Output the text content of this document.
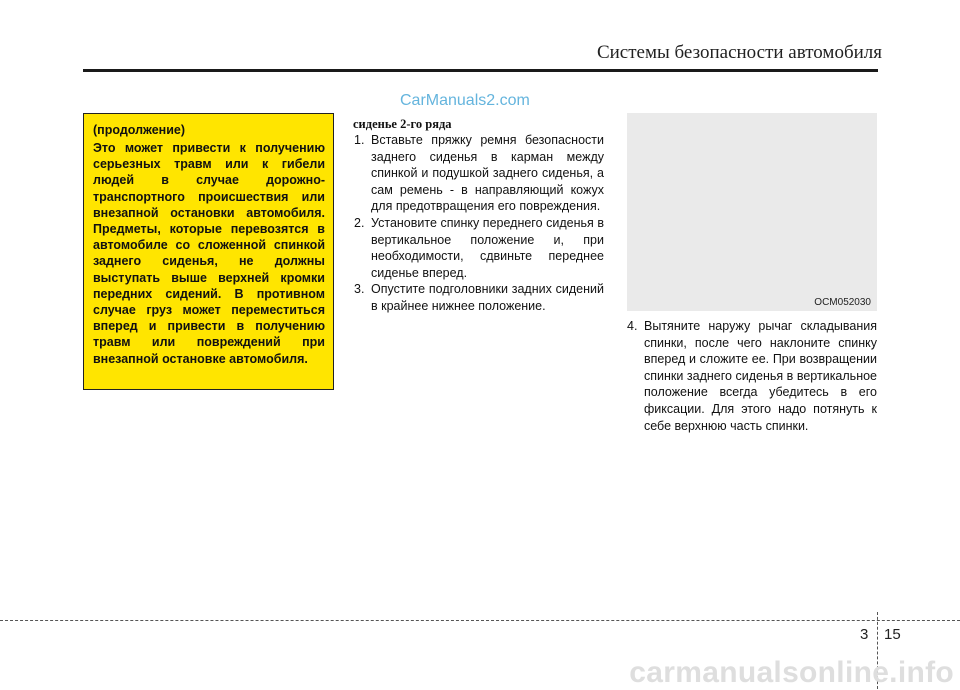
Системы безопасности автомобиля
CarManuals2.com

(продолжение)

Это может привести к получению серьезных травм или к гибели людей в случае дорожно-транспортного происшествия или внезапной остановки автомобиля. Предметы, которые перевозятся в автомобиле со сложенной спинкой заднего сиденья, не должны выступать выше верхней кромки передних сидений. В противном случае груз может переместиться вперед и привести в получению травм или повреждений при внезапной остановке автомобиля.

сиденье 2-го ряда
1. Вставьте пряжку ремня безопасности заднего сиденья в карман между спинкой и подушкой заднего сиденья, а сам ремень - в направляющий кожух для предотвращения его повреждения.
2. Установите спинку переднего сиденья в вертикальное положение и, при необходимости, сдвиньте переднее сиденье вперед.
3. Опустите подголовники задних сидений в крайнее нижнее положение.	OCM052030
4. Вытяните наружу рычаг складывания спинки, после чего наклоните спинку вперед и сложите ее. При возвращении спинки заднего сиденья в вертикальное положение всегда убедитесь в его фиксации. Для этого надо потянуть к себе верхнюю часть спинки.
3 15
carmanualsonline.info
